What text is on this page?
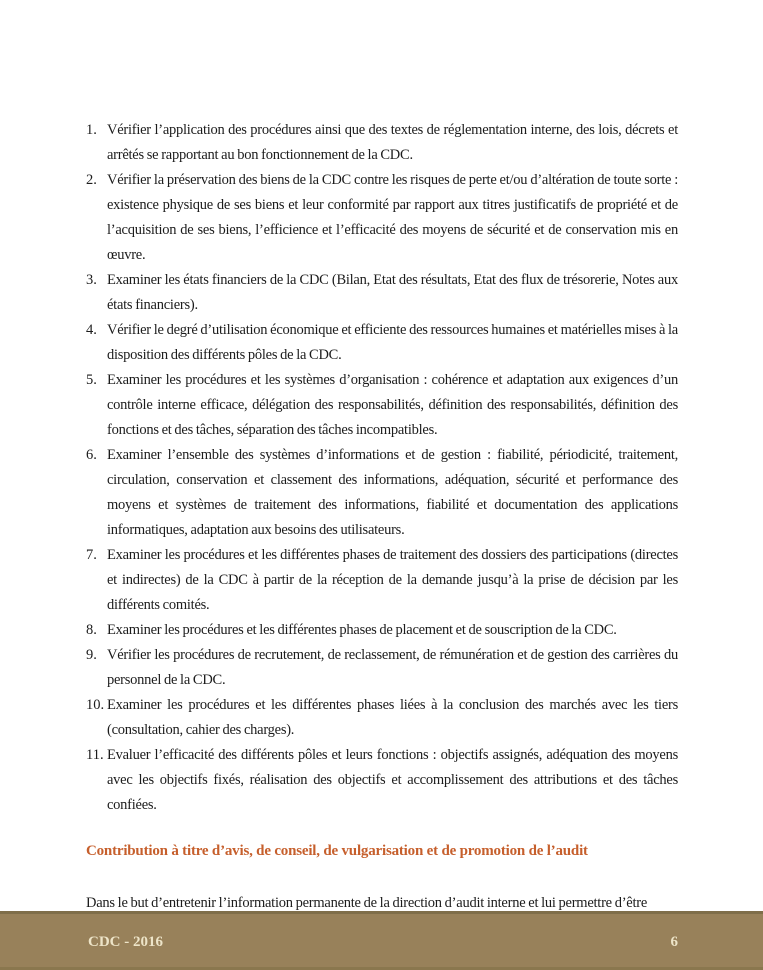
1. Vérifier l’application des procédures ainsi que des textes de réglementation interne, des lois, décrets et arrêtés se rapportant au bon fonctionnement de la CDC.
2. Vérifier la préservation des biens de la CDC contre les risques de perte et/ou d’altération de toute sorte : existence physique de ses biens et leur conformité par rapport aux titres justificatifs de propriété et de l’acquisition de ses biens, l’efficience et l’efficacité des moyens de sécurité et de conservation mis en œuvre.
3. Examiner les états financiers de la CDC (Bilan, Etat des résultats, Etat des flux de trésorerie, Notes aux états financiers).
4. Vérifier le degré d’utilisation économique et efficiente des ressources humaines et matérielles mises à la disposition des différents pôles de la CDC.
5. Examiner les procédures et les systèmes d’organisation : cohérence et adaptation aux exigences d’un contrôle interne efficace, délégation des responsabilités, définition des responsabilités, définition des fonctions et des tâches, séparation des tâches incompatibles.
6. Examiner l’ensemble des systèmes d’informations et de gestion : fiabilité, périodicité, traitement, circulation, conservation et classement des informations, adéquation, sécurité et performance des moyens et systèmes de traitement des informations, fiabilité et documentation des applications informatiques, adaptation aux besoins des utilisateurs.
7. Examiner les procédures et les différentes phases de traitement des dossiers des participations (directes et indirectes) de la CDC à partir de la réception de la demande jusqu’à la prise de décision par les différents comités.
8. Examiner les procédures et les différentes phases de placement et de souscription de la CDC.
9. Vérifier les procédures de recrutement, de reclassement, de rémunération et de gestion des carrières du personnel de la CDC.
10. Examiner les procédures et les différentes phases liées à la conclusion des marchés avec les tiers (consultation, cahier des charges).
11. Evaluer l’efficacité des différents pôles et leurs fonctions : objectifs assignés, adéquation des moyens avec les objectifs fixés, réalisation des objectifs et accomplissement des attributions et des tâches confiées.
Contribution à titre d’avis, de conseil, de vulgarisation et de promotion de l’audit

Dans le but d’entretenir l’information permanente de la direction d’audit interne et lui permettre d’être

CDC - 2016	6
